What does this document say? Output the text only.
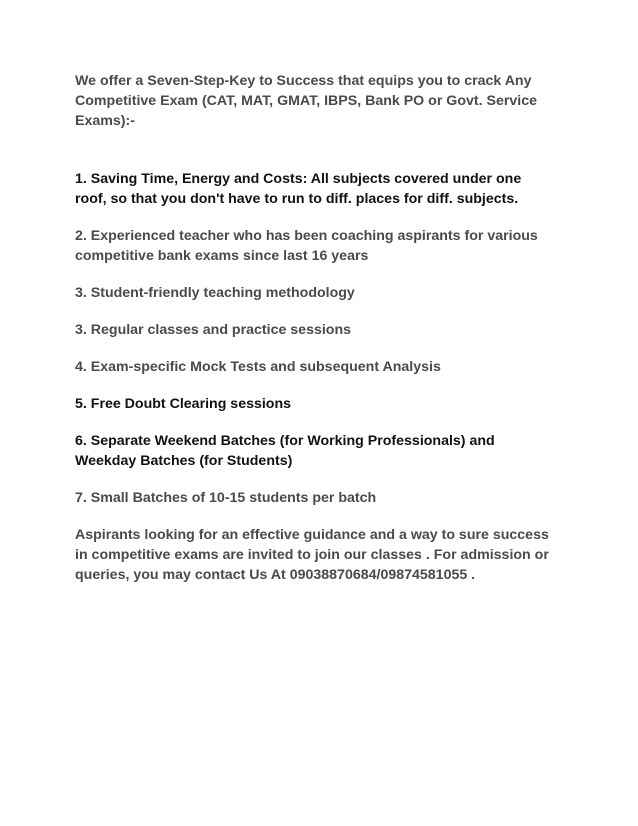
We offer a Seven-Step-Key to Success that equips you to crack Any
Competitive Exam (CAT, MAT, GMAT, IBPS, Bank PO or Govt. Service
Exams):-

1. Saving Time, Energy and Costs: All subjects covered under one
roof, so that you don't have to run to diff. places for diff. subjects.

2. Experienced teacher who has been coaching aspirants for various
competitive bank exams since last 16 years

3. Student-friendly teaching methodology

3. Regular classes and practice sessions

4. Exam-specific Mock Tests and subsequent Analysis

5. Free Doubt Clearing sessions

6. Separate Weekend Batches (for Working Professionals) and
Weekday Batches (for Students)

7. Small Batches of 10-15 students per batch

Aspirants looking for an effective guidance and a way to sure success
in competitive exams are invited to join our classes . For admission or
queries, you may contact Us At 09038870684/09874581055 .
